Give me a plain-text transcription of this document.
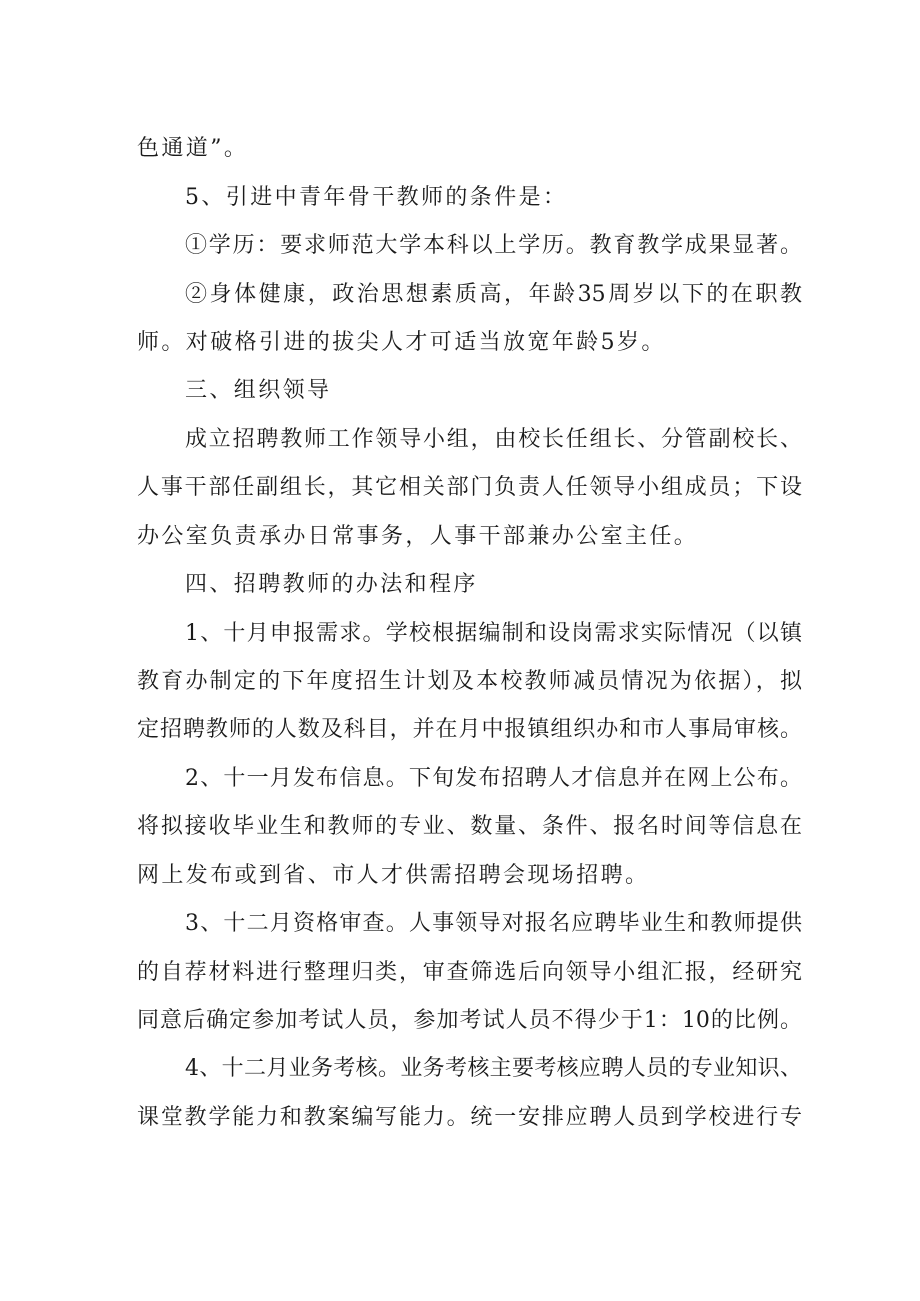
色通道”。
5、引进中青年骨干教师的条件是：
①学历：要求师范大学本科以上学历。教育教学成果显著。
②身体健康，政治思想素质高，年龄35周岁以下的在职教
师。对破格引进的拔尖人才可适当放宽年龄5岁。
三、组织领导
成立招聘教师工作领导小组，由校长任组长、分管副校长、
人事干部任副组长，其它相关部门负责人任领导小组成员；下设
办公室负责承办日常事务，人事干部兼办公室主任。
四、招聘教师的办法和程序
1、十月申报需求。学校根据编制和设岗需求实际情况（以镇
教育办制定的下年度招生计划及本校教师减员情况为依据），拟
定招聘教师的人数及科目，并在月中报镇组织办和市人事局审核。
2、十一月发布信息。下旬发布招聘人才信息并在网上公布。
将拟接收毕业生和教师的专业、数量、条件、报名时间等信息在
网上发布或到省、市人才供需招聘会现场招聘。
3、十二月资格审查。人事领导对报名应聘毕业生和教师提供
的自荐材料进行整理归类，审查筛选后向领导小组汇报，经研究
同意后确定参加考试人员，参加考试人员不得少于1：10的比例。
4、十二月业务考核。业务考核主要考核应聘人员的专业知识、
课堂教学能力和教案编写能力。统一安排应聘人员到学校进行专
